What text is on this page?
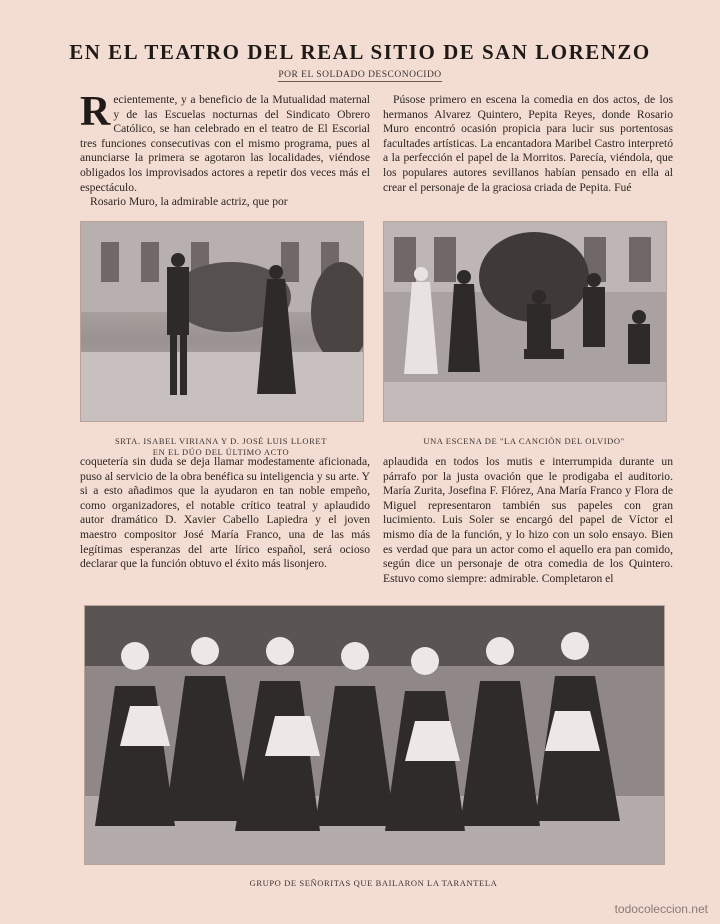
EN EL TEATRO DEL REAL SITIO DE SAN LORENZO
POR EL SOLDADO DESCONOCIDO

Recientemente, y a beneficio de la Mutualidad maternal y de las Escuelas nocturnas del Sindicato Obrero Católico, se han celebrado en el teatro de El Escorial tres funciones consecutivas con el mismo programa, pues al anunciarse la primera se agotaron las localidades, viéndose obligados los improvisados actores a repetir dos veces más el espectáculo.

Rosario Muro, la admirable actriz, que por

Púsose primero en escena la comedia en dos actos, de los hermanos Alvarez Quintero, Pepita Reyes, donde Rosario Muro encontró ocasión propicia para lucir sus portentosas facultades artísticas. La encantadora Maribel Castro interpretó a la perfección el papel de la Morritos. Parecía, viéndola, que los populares autores sevillanos habían pensado en ella al crear el personaje de la graciosa criada de Pepita. Fué

SRTA. ISABEL VIRIANA Y D. JOSÉ LUIS LLORET
EN EL DÚO DEL ÚLTIMO ACTO
UNA ESCENA DE "LA CANCIÓN DEL OLVIDO"

coquetería sin duda se deja llamar modestamente aficionada, puso al servicio de la obra benéfica su inteligencia y su arte. Y si a esto añadimos que la ayudaron en tan noble empeño, como organizadores, el notable crítico teatral y aplaudido autor dramático D. Xavier Cabello Lapiedra y el joven maestro compositor José María Franco, una de las más legítimas esperanzas del arte lírico español, será ocioso declarar que la función obtuvo el éxito más lisonjero.

aplaudida en todos los mutis e interrumpida durante un párrafo por la justa ovación que le prodigaba el auditorio. María Zurita, Josefina F. Flórez, Ana María Franco y Flora de Miguel representaron también sus papeles con gran lucimiento. Luis Soler se encargó del papel de Víctor el mismo día de la función, y lo hizo con un solo ensayo. Bien es verdad que para un actor como el aquello era pan comido, según dice un personaje de otra comedia de los Quintero. Estuvo como siempre: admirable. Completaron el

GRUPO DE SEÑORITAS QUE BAILARON LA TARANTELA
todocoleccion.net
